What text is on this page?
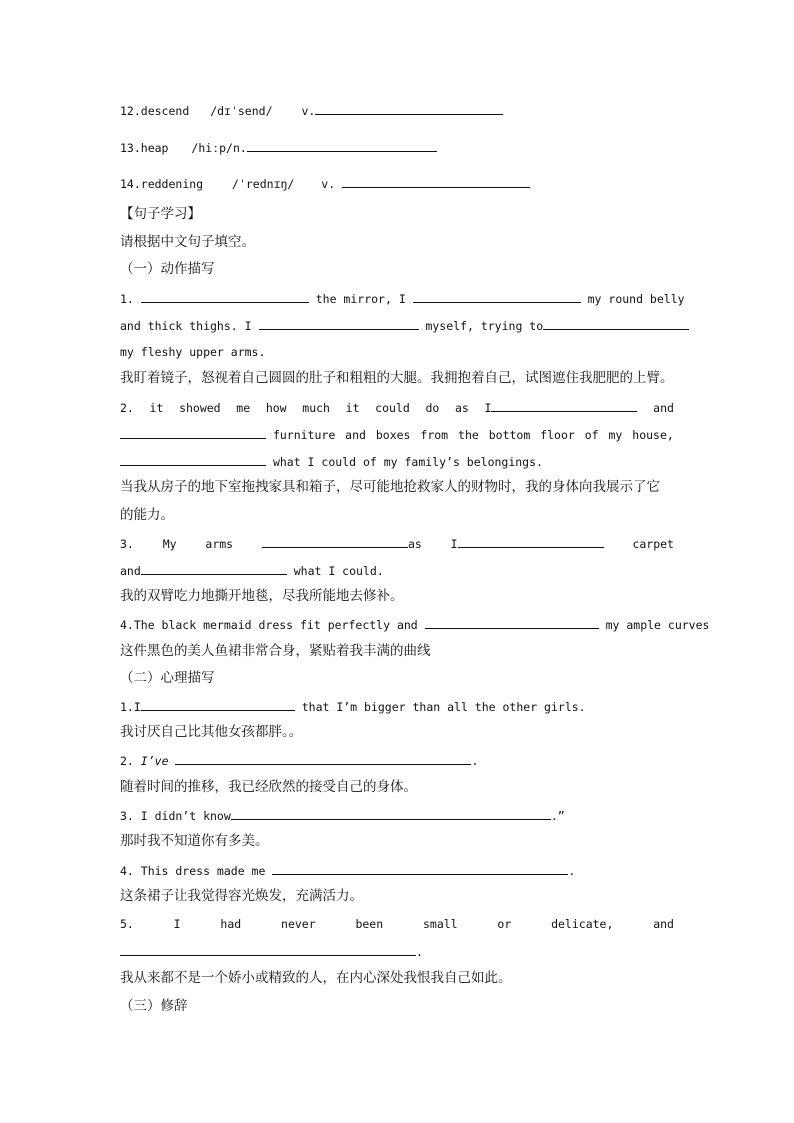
12.descend /dɪˈsend/	v.
13.heap /hiːp/n.
14.reddening	/ˈrednɪŋ/ v.
【句子学习】
请根据中文句子填空。
（一）动作描写
1.	the mirror, I	my round belly
and thick thighs. I	myself, trying to
my fleshy upper arms.
我盯着镜子，怒视着自己圆圆的肚子和粗粗的大腿。我拥抱着自己，试图遮住我肥肥的上臂。
2. it showed me how much it could do as I	and
furniture and boxes from the bottom floor of my house,
what I could of my family’s belongings.
当我从房子的地下室拖拽家具和箱子，尽可能地抢救家人的财物时，我的身体向我展示了它
的能力。
3.	My	arms	as	I	carpet
and	what I could.
我的双臂吃力地撕开地毯，尽我所能地去修补。
4.The black mermaid dress fit perfectly and	my ample curves
这件黑色的美人鱼裙非常合身，紧贴着我丰满的曲线
（二）心理描写
1.I	that I’m bigger than all the other girls.
我讨厌自己比其他女孩都胖。。
2. I’ve	.
随着时间的推移，我已经欣然的接受自己的身体。
3. I didn’t know	.”
那时我不知道你有多美。
4. This dress made me	.
这条裙子让我觉得容光焕发，充满活力。
5.	I	had	never	been	small	or	delicate,	and
.
我从来都不是一个娇小或精致的人，在内心深处我恨我自己如此。
（三）修辞
